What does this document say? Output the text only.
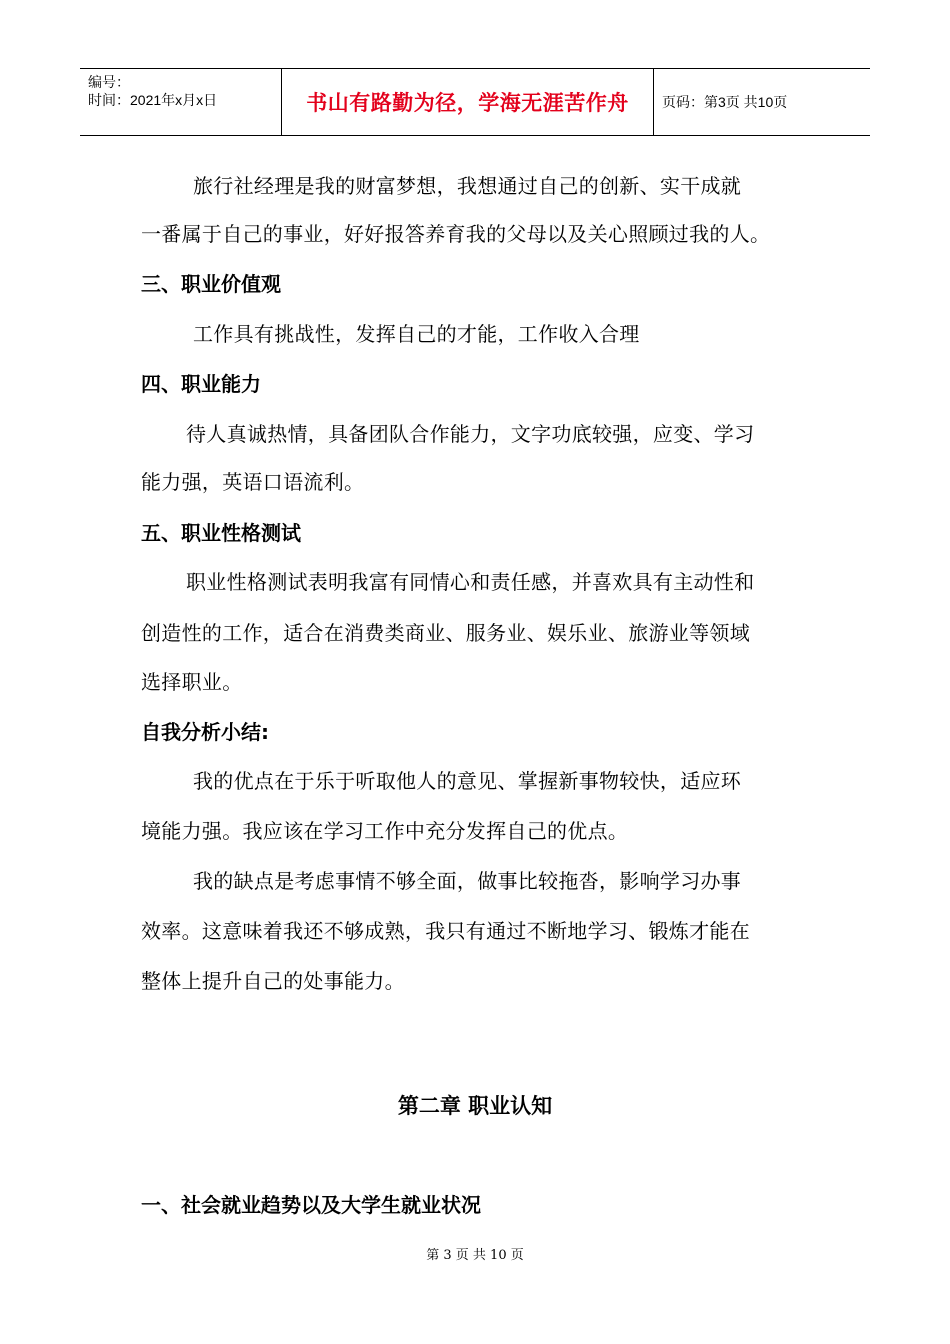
编号：
时间：2021年x月x日	书山有路勤为径，学海无涯苦作舟	页码：第3页 共10页
旅行社经理是我的财富梦想，我想通过自己的创新、实干成就
一番属于自己的事业，好好报答养育我的父母以及关心照顾过我的人。
三、职业价值观
工作具有挑战性，发挥自己的才能，工作收入合理
四、职业能力
待人真诚热情，具备团队合作能力，文字功底较强，应变、学习
能力强，英语口语流利。
五、职业性格测试
职业性格测试表明我富有同情心和责任感，并喜欢具有主动性和
创造性的工作，适合在消费类商业、服务业、娱乐业、旅游业等领域
选择职业。
自我分析小结:
我的优点在于乐于听取他人的意见、掌握新事物较快，适应环
境能力强。我应该在学习工作中充分发挥自己的优点。
我的缺点是考虑事情不够全面，做事比较拖沓，影响学习办事
效率。这意味着我还不够成熟，我只有通过不断地学习、锻炼才能在
整体上提升自己的处事能力。
第二章 职业认知
一、社会就业趋势以及大学生就业状况
第 3 页 共 10 页
